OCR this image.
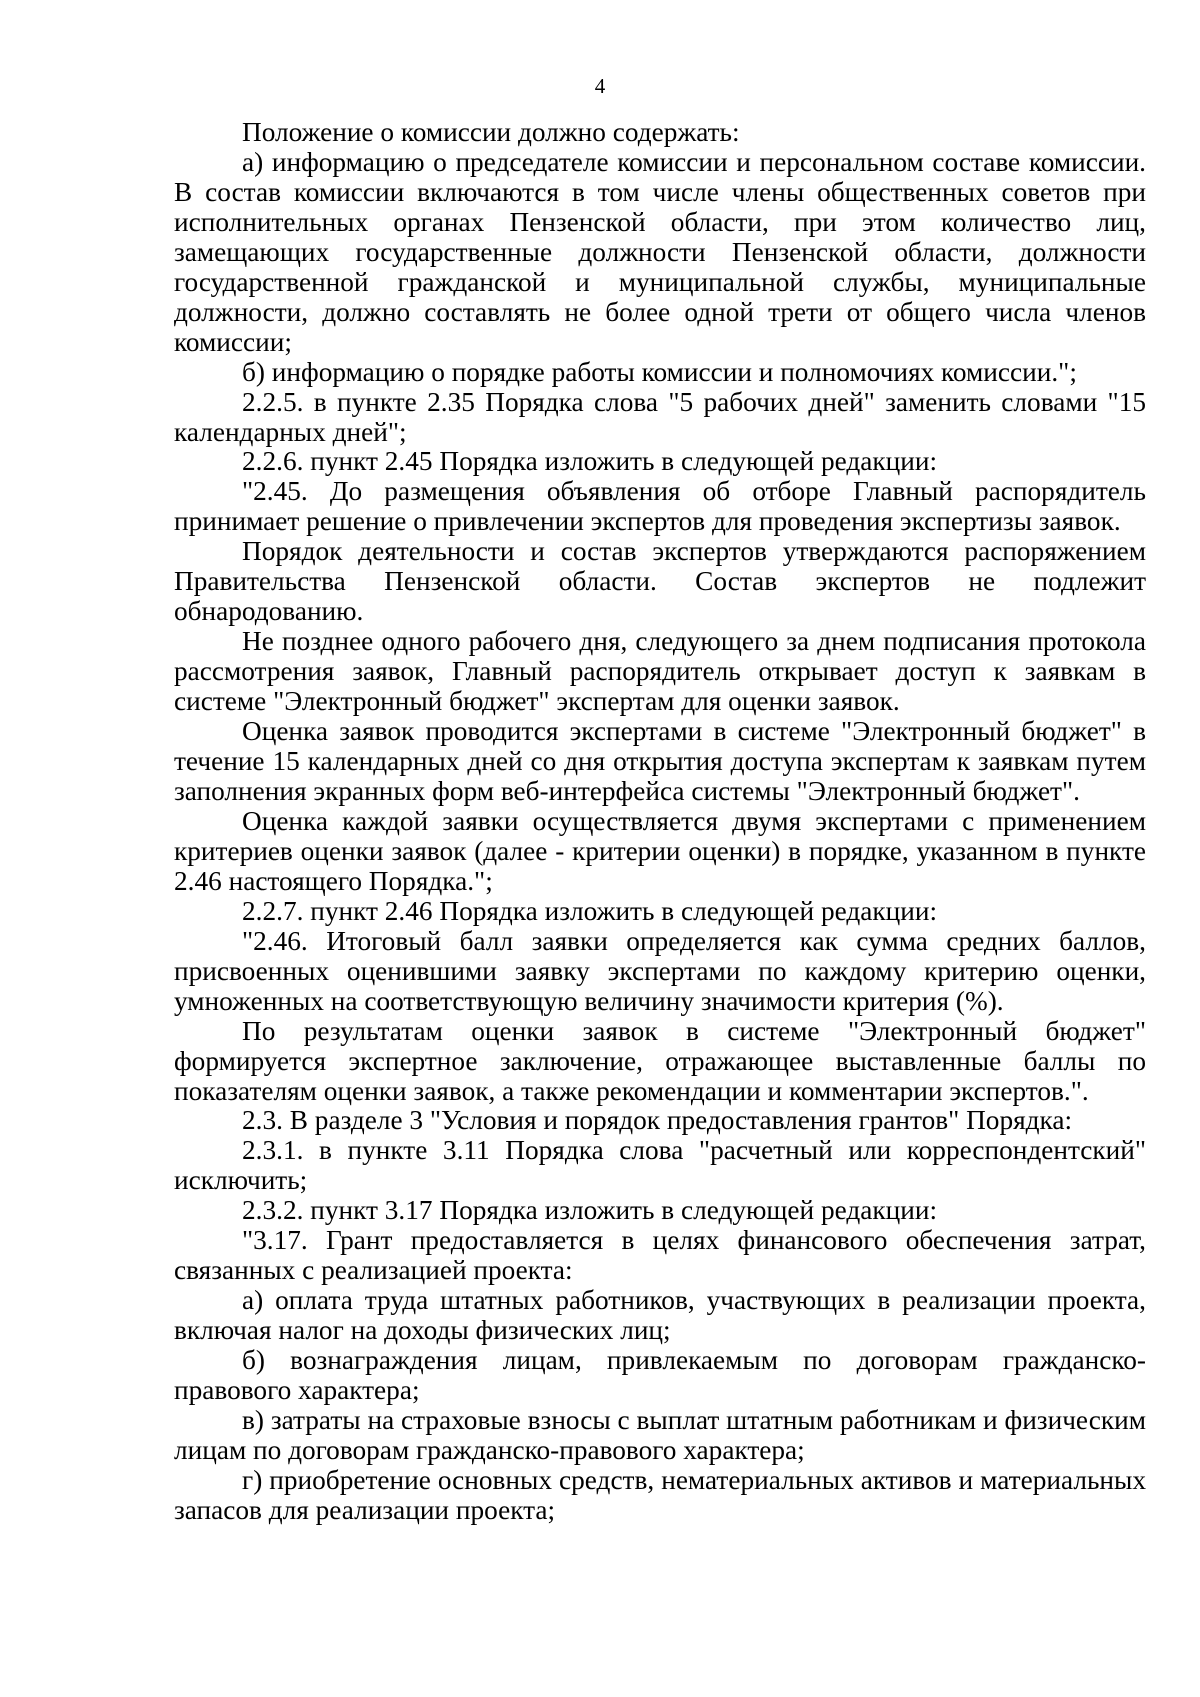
4

Положение о комиссии должно содержать:

а) информацию о председателе комиссии и персональном составе комиссии. В состав комиссии включаются в том числе члены общественных советов при исполнительных органах Пензенской области, при этом количество лиц, замещающих государственные должности Пензенской области, должности государственной гражданской и муниципальной службы, муниципальные должности, должно составлять не более одной трети от общего числа членов комиссии;

б) информацию о порядке работы комиссии и полномочиях комиссии.";

2.2.5. в пункте 2.35 Порядка слова "5 рабочих дней" заменить словами "15 календарных дней";

2.2.6. пункт 2.45 Порядка изложить в следующей редакции:

"2.45. До размещения объявления об отборе Главный распорядитель принимает решение о привлечении экспертов для проведения экспертизы заявок.

Порядок деятельности и состав экспертов утверждаются распоряжением Правительства Пензенской области. Состав экспертов не подлежит обнародованию.

Не позднее одного рабочего дня, следующего за днем подписания протокола рассмотрения заявок, Главный распорядитель открывает доступ к заявкам в системе "Электронный бюджет" экспертам для оценки заявок.

Оценка заявок проводится экспертами в системе "Электронный бюджет" в течение 15 календарных дней со дня открытия доступа экспертам к заявкам путем заполнения экранных форм веб-интерфейса системы "Электронный бюджет".

Оценка каждой заявки осуществляется двумя экспертами с применением критериев оценки заявок (далее - критерии оценки) в порядке, указанном в пункте 2.46 настоящего Порядка.";

2.2.7. пункт 2.46 Порядка изложить в следующей редакции:

"2.46. Итоговый балл заявки определяется как сумма средних баллов, присвоенных оценившими заявку экспертами по каждому критерию оценки, умноженных на соответствующую величину значимости критерия (%).

По результатам оценки заявок в системе "Электронный бюджет" формируется экспертное заключение, отражающее выставленные баллы по показателям оценки заявок, а также рекомендации и комментарии экспертов.".

2.3. В разделе 3 "Условия и порядок предоставления грантов" Порядка:

2.3.1. в пункте 3.11 Порядка слова "расчетный или корреспондентский" исключить;

2.3.2. пункт 3.17 Порядка изложить в следующей редакции:

"3.17. Грант предоставляется в целях финансового обеспечения затрат, связанных с реализацией проекта:

а) оплата труда штатных работников, участвующих в реализации проекта, включая налог на доходы физических лиц;

б) вознаграждения лицам, привлекаемым по договорам гражданско-правового характера;

в) затраты на страховые взносы с выплат штатным работникам и физическим лицам по договорам гражданско-правового характера;

г) приобретение основных средств, нематериальных активов и материальных запасов для реализации проекта;
